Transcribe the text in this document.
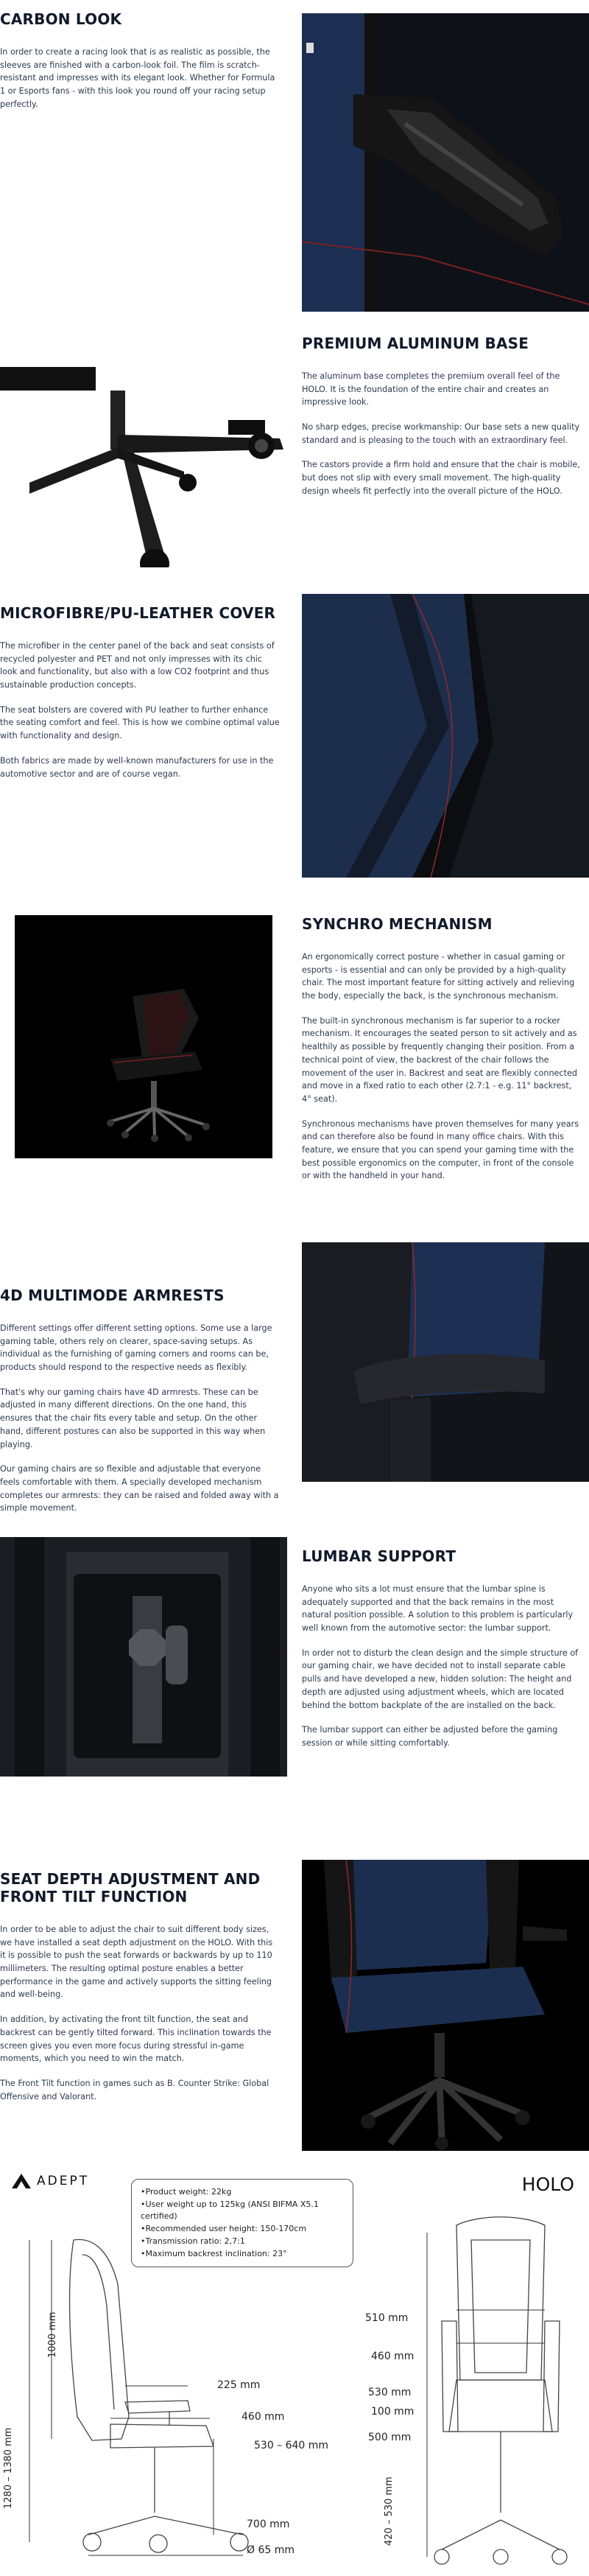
CARBON LOOK

In order to create a racing look that is as realistic as possible, the sleeves are finished with a carbon-look foil. The film is scratch-resistant and impresses with its elegant look. Whether for Formula 1 or Esports fans - with this look you round off your racing setup perfectly.

PREMIUM ALUMINUM BASE

The aluminum base completes the premium overall feel of the HOLO. It is the foundation of the entire chair and creates an impressive look.

No sharp edges, precise workmanship: Our base sets a new quality standard and is pleasing to the touch with an extraordinary feel.

The castors provide a firm hold and ensure that the chair is mobile, but does not slip with every small movement. The high-quality design wheels fit perfectly into the overall picture of the HOLO.

MICROFIBRE/PU-LEATHER COVER

The microfiber in the center panel of the back and seat consists of recycled polyester and PET and not only impresses with its chic look and functionality, but also with a low CO2 footprint and thus sustainable production concepts.

The seat bolsters are covered with PU leather to further enhance the seating comfort and feel. This is how we combine optimal value with functionality and design.

Both fabrics are made by well-known manufacturers for use in the automotive sector and are of course vegan.

SYNCHRO MECHANISM

An ergonomically correct posture - whether in casual gaming or esports - is essential and can only be provided by a high-quality chair. The most important feature for sitting actively and relieving the body, especially the back, is the synchronous mechanism.

The built-in synchronous mechanism is far superior to a rocker mechanism. It encourages the seated person to sit actively and as healthily as possible by frequently changing their position. From a technical point of view, the backrest of the chair follows the movement of the user in. Backrest and seat are flexibly connected and move in a fixed ratio to each other (2.7:1 - e.g. 11° backrest, 4° seat).

Synchronous mechanisms have proven themselves for many years and can therefore also be found in many office chairs. With this feature, we ensure that you can spend your gaming time with the best possible ergonomics on the computer, in front of the console or with the handheld in your hand.

4D MULTIMODE ARMRESTS

Different settings offer different setting options. Some use a large gaming table, others rely on clearer, space-saving setups. As individual as the furnishing of gaming corners and rooms can be, products should respond to the respective needs as flexibly.

That's why our gaming chairs have 4D armrests. These can be adjusted in many different directions. On the one hand, this ensures that the chair fits every table and setup. On the other hand, different postures can also be supported in this way when playing.

Our gaming chairs are so flexible and adjustable that everyone feels comfortable with them. A specially developed mechanism completes our armrests: they can be raised and folded away with a simple movement.

LUMBAR SUPPORT

Anyone who sits a lot must ensure that the lumbar spine is adequately supported and that the back remains in the most natural position possible. A solution to this problem is particularly well known from the automotive sector: the lumbar support.

In order not to disturb the clean design and the simple structure of our gaming chair, we have decided not to install separate cable pulls and have developed a new, hidden solution: The height and depth are adjusted using adjustment wheels, which are located behind the bottom backplate of the are installed on the back.

The lumbar support can either be adjusted before the gaming session or while sitting comfortably.

SEAT DEPTH ADJUSTMENT AND FRONT TILT FUNCTION

In order to be able to adjust the chair to suit different body sizes, we have installed a seat depth adjustment on the HOLO. With this it is possible to push the seat forwards or backwards by up to 110 millimeters. The resulting optimal posture enables a better performance in the game and actively supports the sitting feeling and well-being.

In addition, by activating the front tilt function, the seat and backrest can be gently tilted forward. This inclination towards the screen gives you even more focus during stressful in-game moments, which you need to win the match.

The Front Tilt function in games such as B. Counter Strike: Global Offensive and Valorant.

ADEPT	HOLO
• Product weight: 22kg
• User weight up to 125kg (ANSI BIFMA X5.1 certified)
• Recommended user height: 150-170cm
• Transmission ratio: 2,7:1
• Maximum backrest inclination: 23°
1280 – 1380 mm
1000 mm
225 mm
460 mm
530 – 640 mm
700 mm
Ø 65 mm
510 mm
460 mm
530 mm
100 mm
500 mm
420 – 530 mm
